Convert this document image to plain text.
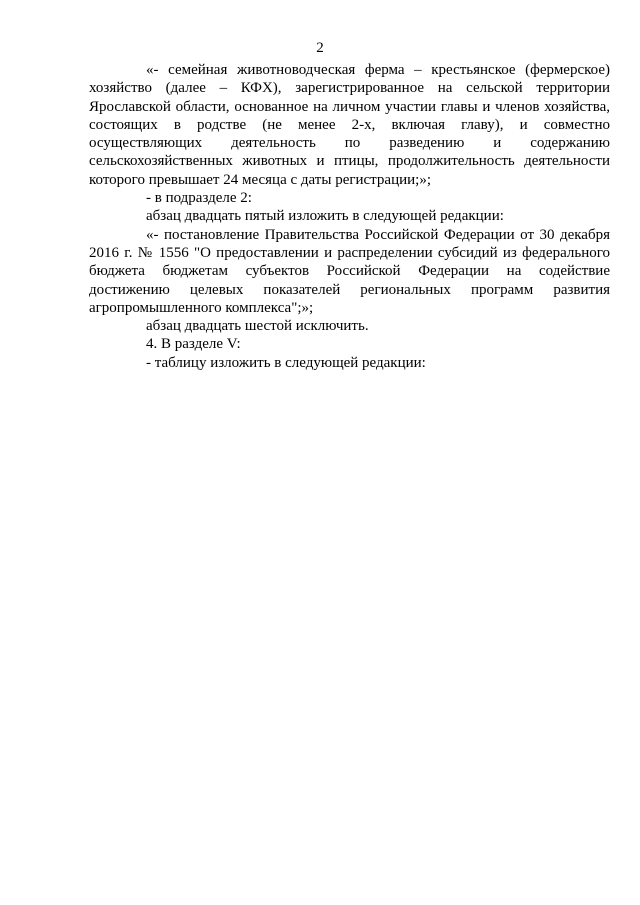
2

«- семейная животноводческая ферма – крестьянское (фермерское) хозяйство (далее – КФХ), зарегистрированное на сельской территории Ярославской области, основанное на личном участии главы и членов хозяйства, состоящих в родстве (не менее 2-х, включая главу), и совместно осуществляющих деятельность по разведению и содержанию сельскохозяйственных животных и птицы, продолжительность деятельности которого превышает 24 месяца с даты регистрации;»;

- в подразделе 2:

абзац двадцать пятый изложить в следующей редакции:

«- постановление Правительства Российской Федерации от 30 декабря 2016 г. № 1556 "О предоставлении и распределении субсидий из федерального бюджета бюджетам субъектов Российской Федерации на содействие достижению целевых показателей региональных программ развития агропромышленного комплекса";»;

абзац двадцать шестой исключить.

4. В разделе V:

- таблицу изложить в следующей редакции:
